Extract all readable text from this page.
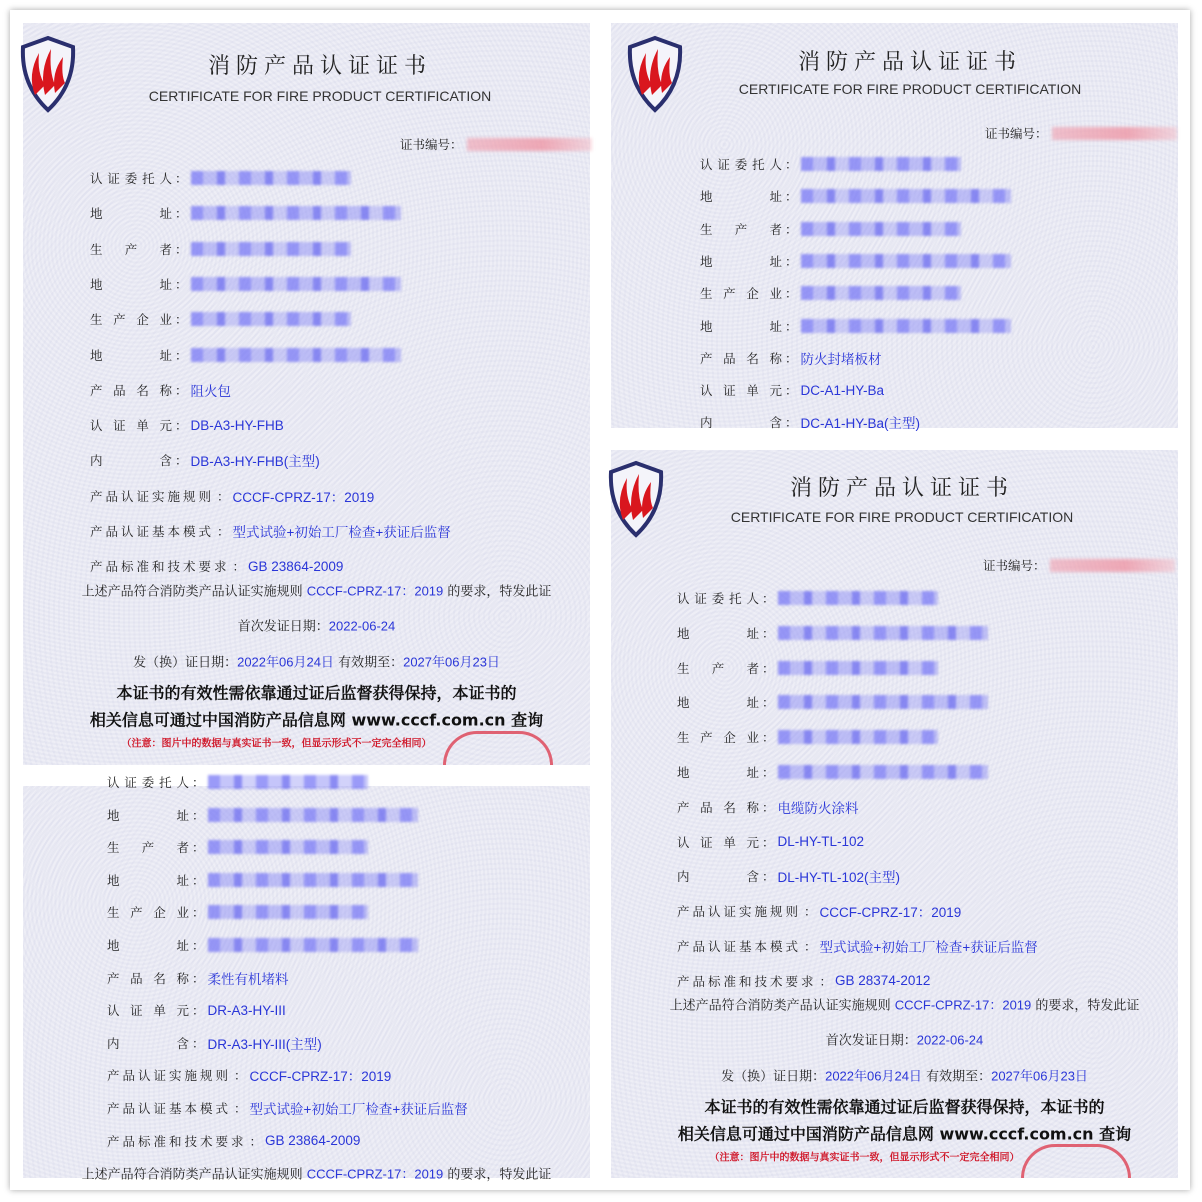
消防产品认证证书
CERTIFICATE FOR FIRE PRODUCT CERTIFICATION
证书编号：
认证委托人 ：
地址 ：
生产者 ：
地址 ：
生产企业 ：
地址 ：
产品名称 ： 阻火包
认证单元 ： DB-A3-HY-FHB
内含 ： DB-A3-HY-FHB(主型)
产品认证实施规则 ： CCCF-CPRZ-17：2019
产品认证基本模式 ： 型式试验+初始工厂检查+获证后监督
产品标准和技术要求 ： GB 23864-2009
上述产品符合消防类产品认证实施规则 CCCF-CPRZ-17：2019 的要求，特发此证
首次发证日期：2022-06-24
发（换）证日期：2022年06月24日 有效期至：2027年06月23日
本证书的有效性需依靠通过证后监督获得保持，本证书的
相关信息可通过中国消防产品信息网 www.cccf.com.cn 查询
（注意：图片中的数据与真实证书一致，但显示形式不一定完全相同）
消防产品认证证书
CERTIFICATE FOR FIRE PRODUCT CERTIFICATION
证书编号：
认证委托人 ：
地址 ：
生产者 ：
地址 ：
生产企业 ：
地址 ：
产品名称 ： 防火封堵板材
认证单元 ： DC-A1-HY-Ba
内含 ： DC-A1-HY-Ba(主型)
消防产品认证证书
CERTIFICATE FOR FIRE PRODUCT CERTIFICATION
证书编号：
认证委托人 ：
地址 ：
生产者 ：
地址 ：
生产企业 ：
地址 ：
产品名称 ： 电缆防火涂料
认证单元 ： DL-HY-TL-102
内含 ： DL-HY-TL-102(主型)
产品认证实施规则 ： CCCF-CPRZ-17：2019
产品认证基本模式 ： 型式试验+初始工厂检查+获证后监督
产品标准和技术要求 ： GB 28374-2012
上述产品符合消防类产品认证实施规则 CCCF-CPRZ-17：2019 的要求，特发此证
首次发证日期：2022-06-24
发（换）证日期：2022年06月24日 有效期至：2027年06月23日
本证书的有效性需依靠通过证后监督获得保持，本证书的
相关信息可通过中国消防产品信息网 www.cccf.com.cn 查询
（注意：图片中的数据与真实证书一致，但显示形式不一定完全相同）
认证委托人 ：
地址 ：
生产者 ：
地址 ：
生产企业 ：
地址 ：
产品名称 ： 柔性有机堵料
认证单元 ： DR-A3-HY-III
内含 ： DR-A3-HY-III(主型)
产品认证实施规则 ： CCCF-CPRZ-17：2019
产品认证基本模式 ： 型式试验+初始工厂检查+获证后监督
产品标准和技术要求 ： GB 23864-2009
上述产品符合消防类产品认证实施规则 CCCF-CPRZ-17：2019 的要求，特发此证
